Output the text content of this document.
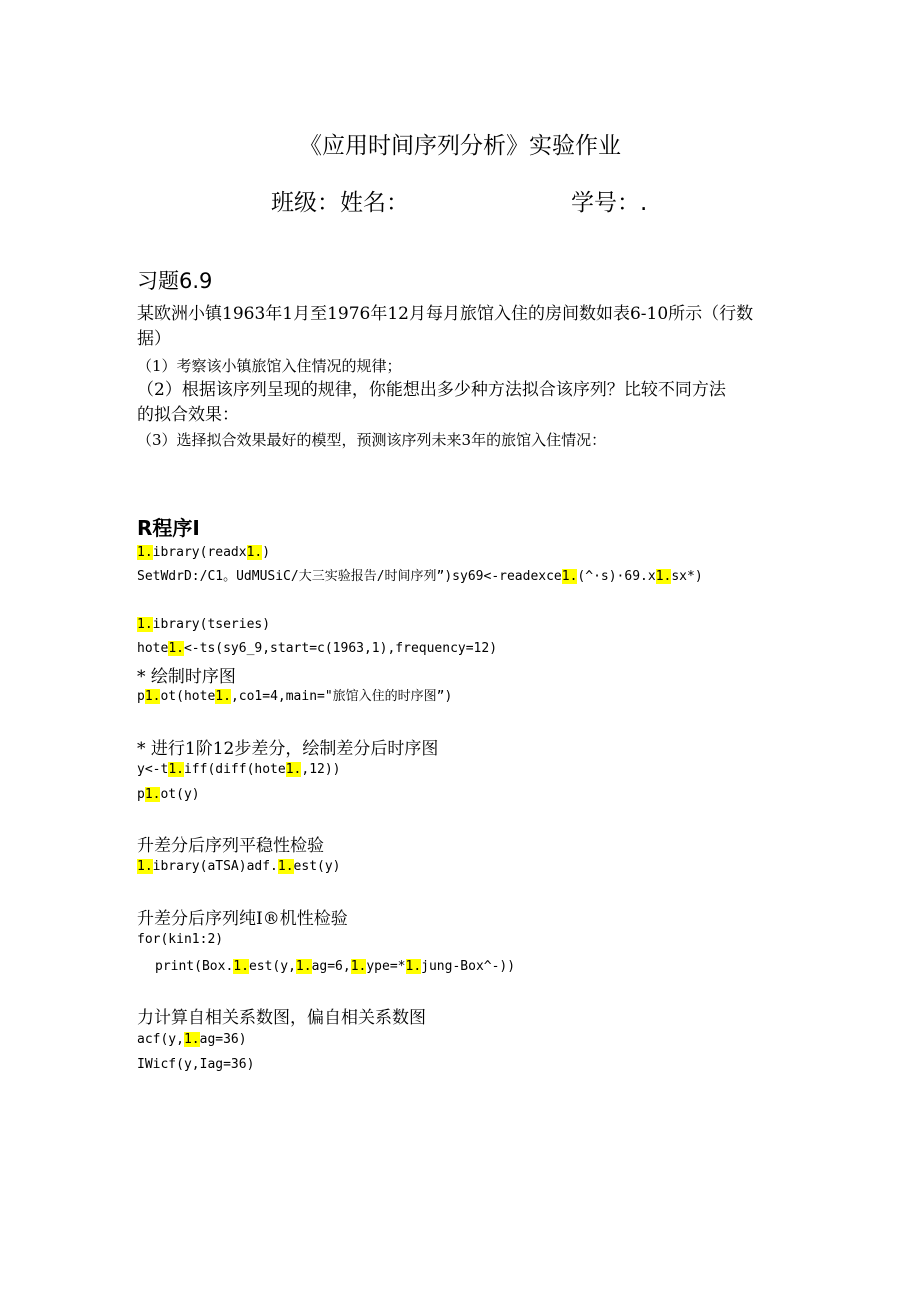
《应用时间序列分析》实验作业
班级：姓名：	学号：.
习题6.9
某欧洲小镇1963年1月至1976年12月每月旅馆入住的房间数如表6-10所示（行数
据）
（1）考察该小镇旅馆入住情况的规律；
（2）根据该序列呈现的规律，你能想出多少种方法拟合该序列？比较不同方法
的拟合效果：
（3）选择拟合效果最好的模型，预测该序列未来3年的旅馆入住情况：
R程序I
1.ibrary(readx1.)
SetWdrD:/C1。UdMUSiC/大三实验报告/时间序列”)sy69<-readexce1.(^·s)·69.x1.sx*)
1.ibrary(tseries)
hote1.<-ts(sy6_9,start=c(1963,1),frequency=12)
* 绘制时序图
p1.ot(hote1.,co1=4,main="旅馆入住的时序图”)
* 进行1阶12步差分，绘制差分后时序图
y<-t1.iff(diff(hote1.,12))
p1.ot(y)
升差分后序列平稳性检验
1.ibrary(aTSA)adf.1.est(y)
升差分后序列纯I®机性检验
for(kin1:2)
print(Box.1.est(y,1.ag=6,1.ype=*1.jung-Box^-))
力计算自相关系数图，偏自相关系数图
acf(y,1.ag=36)
IWicf(y,Iag=36)
